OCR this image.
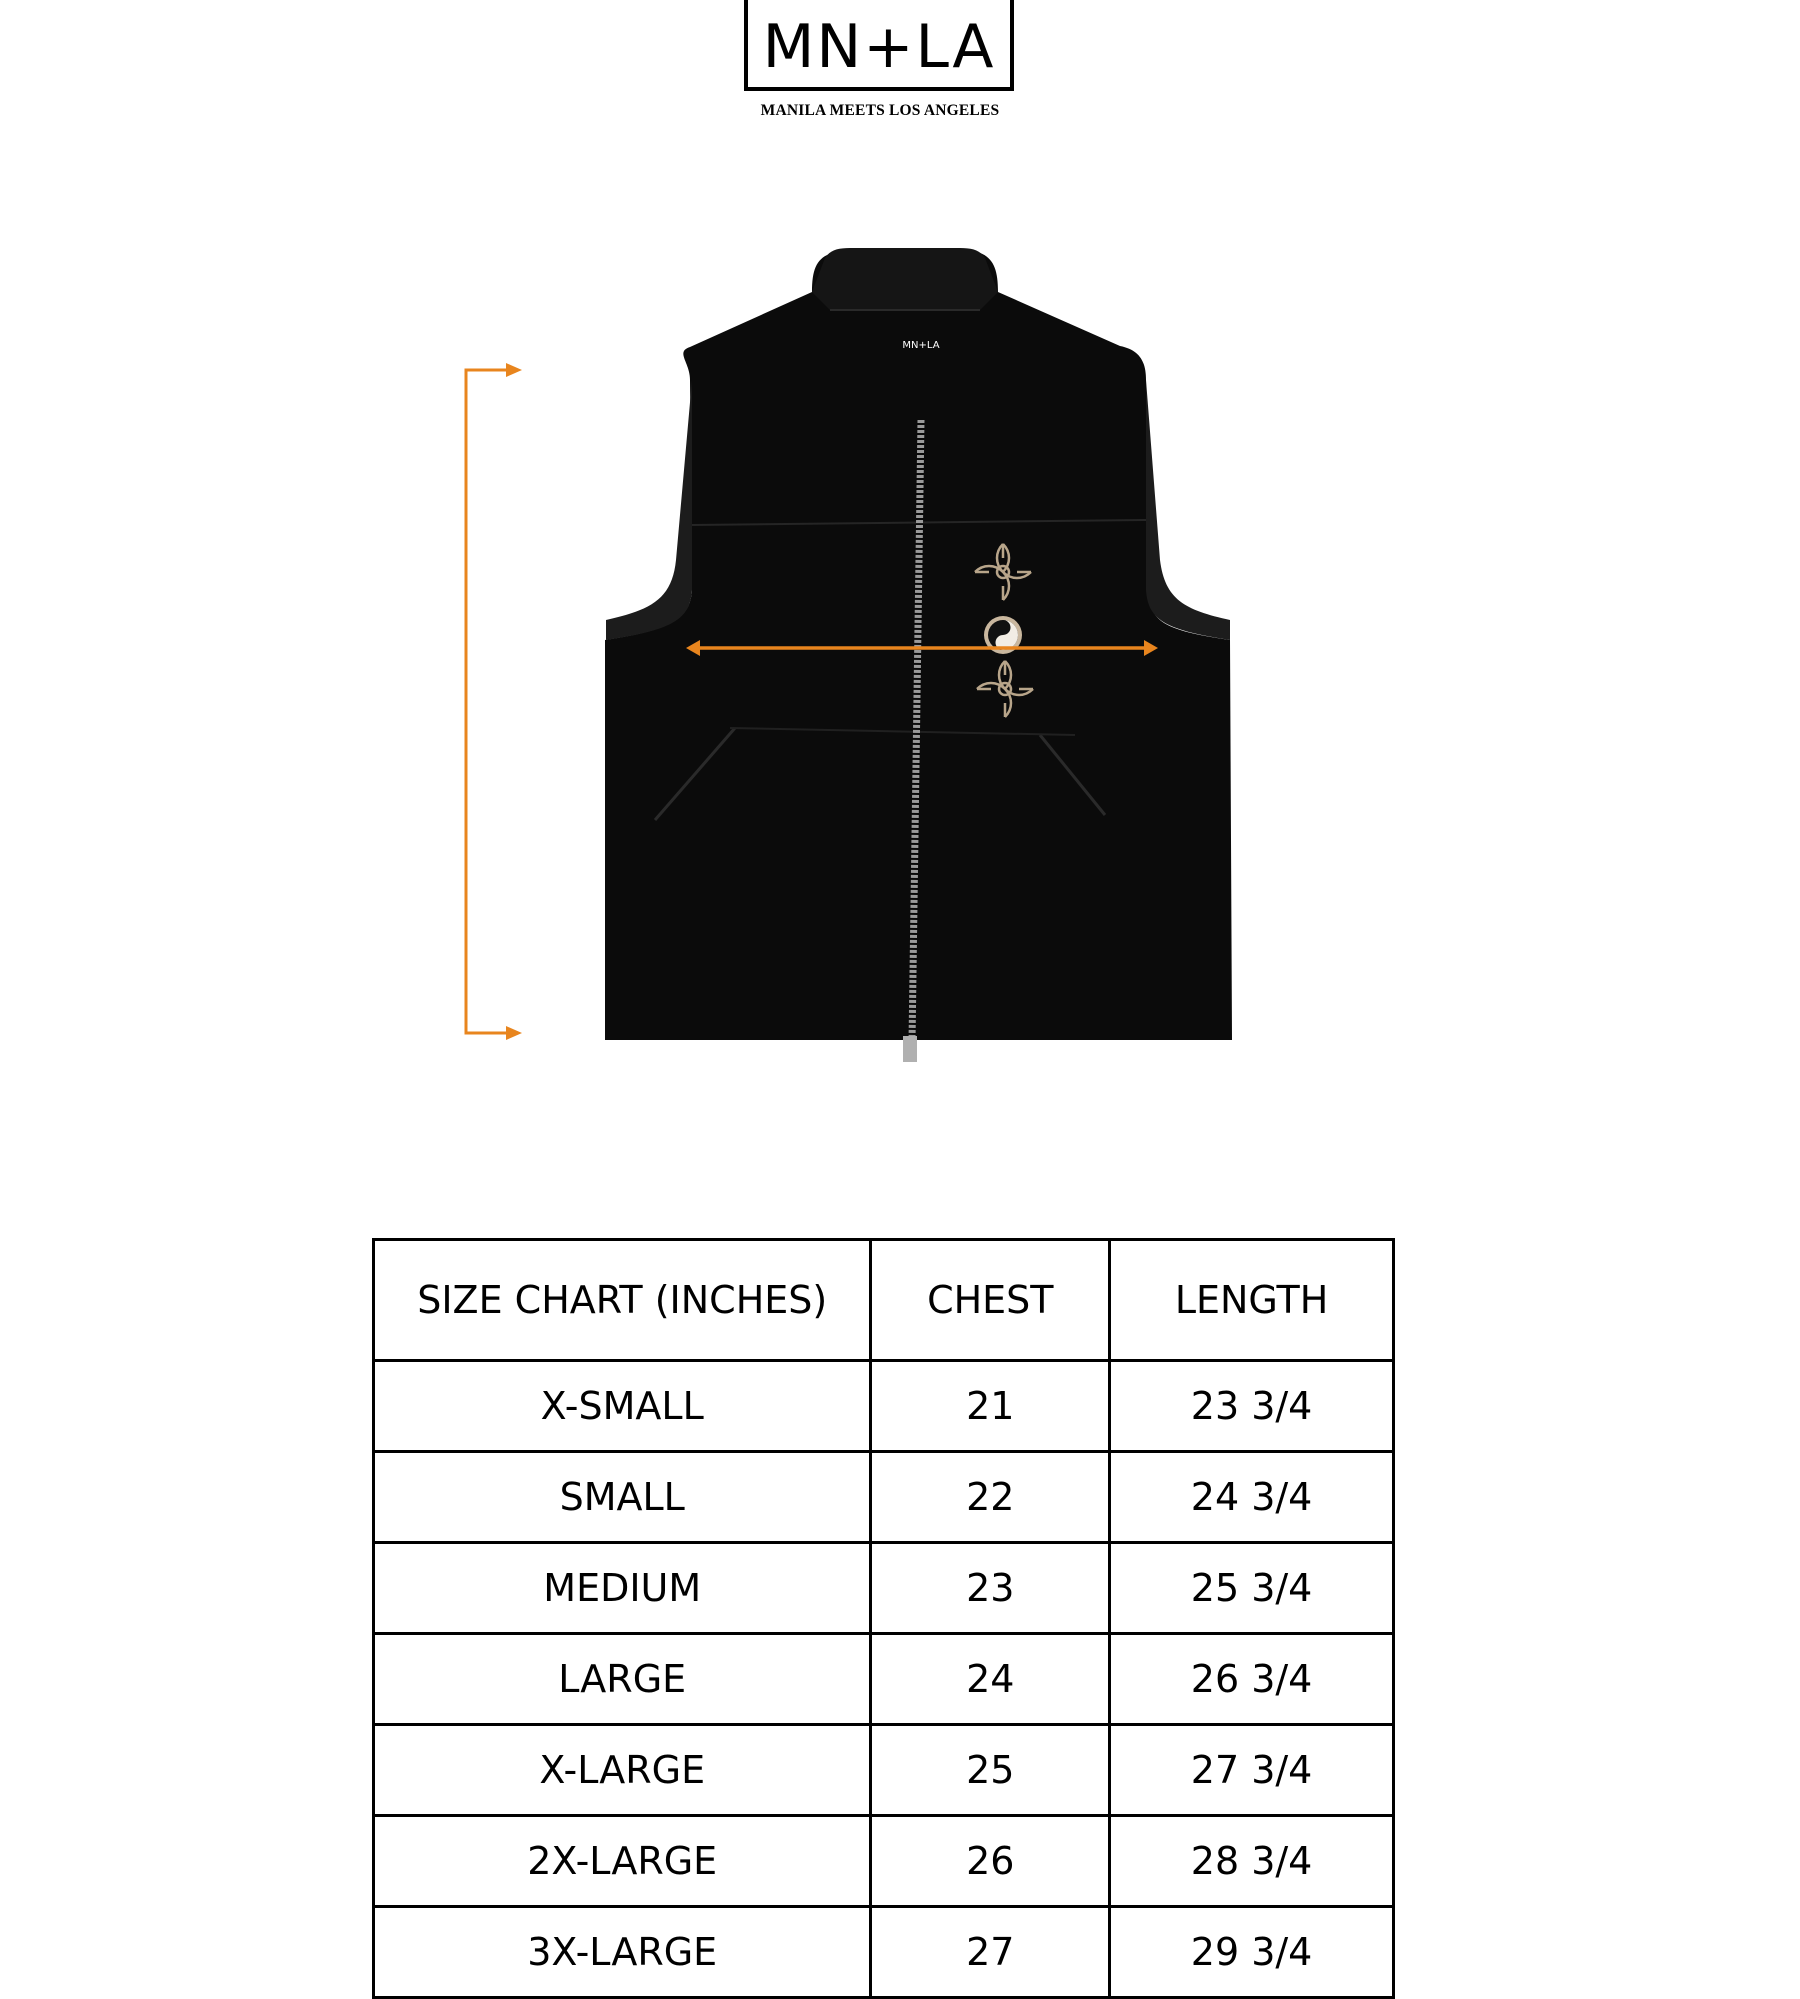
MN+LA
MANILA MEETS LOS ANGELES
MN+LA
SIZE CHART (INCHES)	CHEST	LENGTH
X-SMALL	21	23 3/4
SMALL	22	24 3/4
MEDIUM	23	25 3/4
LARGE	24	26 3/4
X-LARGE	25	27 3/4
2X-LARGE	26	28 3/4
3X-LARGE	27	29 3/4
